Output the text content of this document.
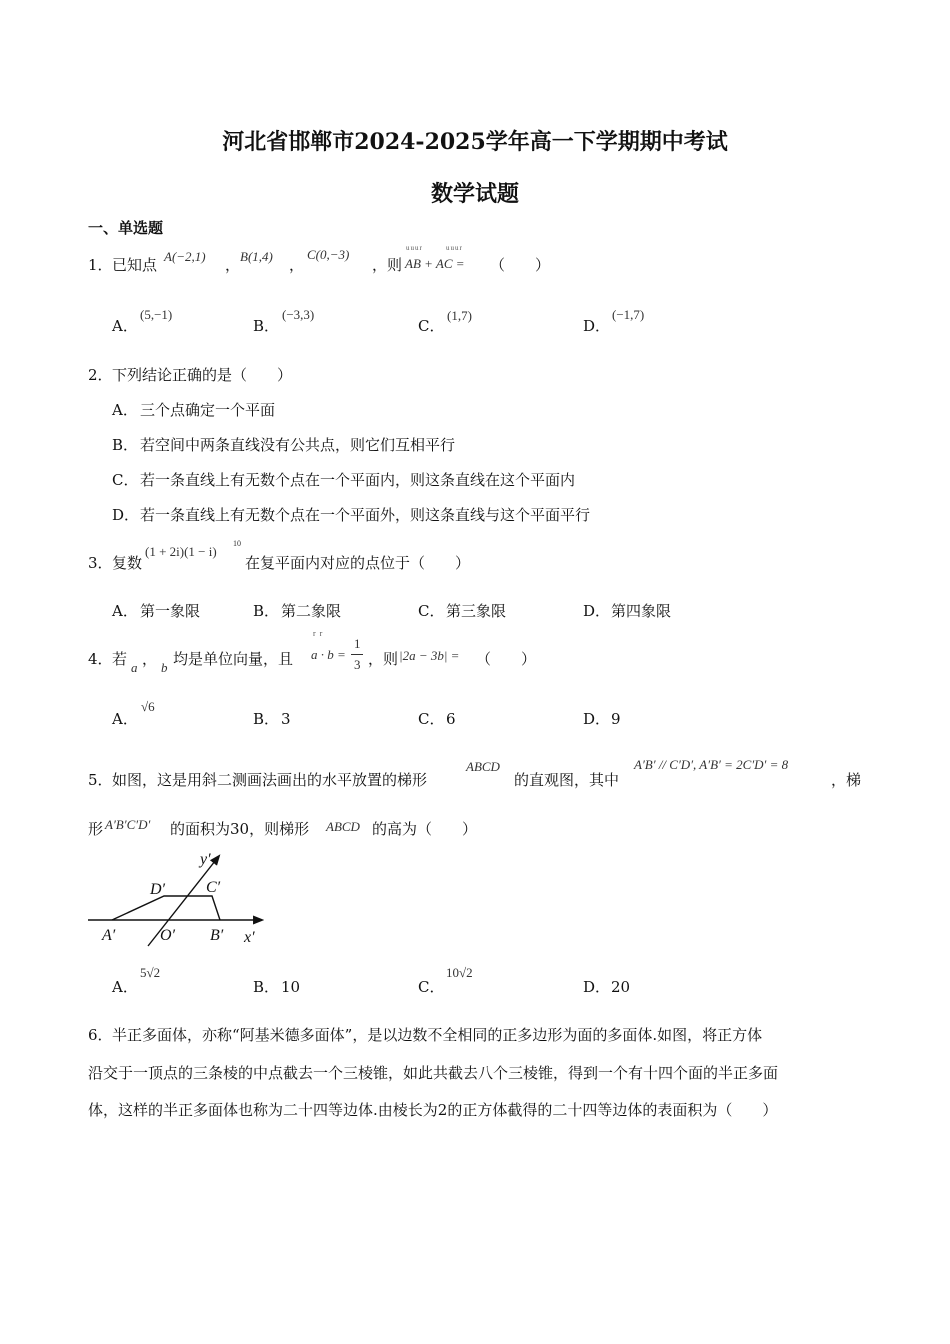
河北省邯郸市2024-2025学年高一下学期期中考试
数学试题
一、单选题
1． 已知点 A(−2,1) ， B(1,4) ，
C(0,−3)
，则
uuur	uuur
AB + AC = （　　）
A．
(5,−1)
B．
(−3,3)
C．
(1,7)
D．
(−1,7)
2． 下列结论正确的是（　　）
A． 三个点确定一个平面
B． 若空间中两条直线没有公共点，则它们互相平行
C． 若一条直线上有无数个点在一个平面内，则这条直线在这个平面内
D． 若一条直线上有无数个点在一个平面外，则这条直线与这个平面平行
3． 复数
(1 + 2i)(1 − i)
10
在复平面内对应的点位于（　　）
A． 第一象限	B． 第二象限	C． 第三象限	D． 第四象限
4． 若 a ， b 均是单位向量，且
r r
a · b =
1
3 ，则 |2a − 3b| = （　　）
A．
√6
B． 3	C． 6	D． 9
5． 如图，这是用斜二测画法画出的水平放置的梯形
ABCD
的直观图，其中
A′B′ // C′D′, A′B′ = 2C′D′ = 8
，梯
形 A′B′C′D′ 的面积为30，则梯形 ABCD 的高为（　　）
y′
x′
D′	C′
A′	O′ B′
A．
5√2
B． 10	C．
10√2
D． 20
6． 半正多面体，亦称“阿基米德多面体”，是以边数不全相同的正多边形为面的多面体.如图，将正方体
沿交于一顶点的三条棱的中点截去一个三棱锥，如此共截去八个三棱锥，得到一个有十四个面的半正多面
体，这样的半正多面体也称为二十四等边体.由棱长为2的正方体截得的二十四等边体的表面积为（　　）
